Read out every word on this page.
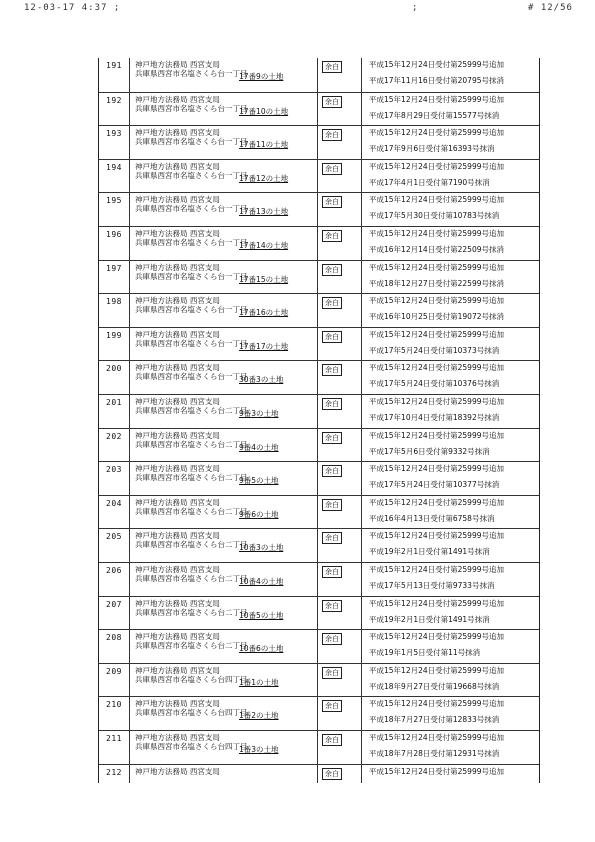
12-03-17 4:37 ;	;	# 12/56
191	神戸地方法務局 西宮支局
兵庫県西宮市名塩さくら台一丁目
17番9の土地
余白	平成15年12月24日受付第25999号追加
平成17年11月16日受付第20795号抹消
192	神戸地方法務局 西宮支局
兵庫県西宮市名塩さくら台一丁目
17番10の土地
余白	平成15年12月24日受付第25999号追加
平成17年8月29日受付第15577号抹消
193	神戸地方法務局 西宮支局
兵庫県西宮市名塩さくら台一丁目
17番11の土地
余白	平成15年12月24日受付第25999号追加
平成17年9月6日受付第16393号抹消
194	神戸地方法務局 西宮支局
兵庫県西宮市名塩さくら台一丁目
17番12の土地
余白	平成15年12月24日受付第25999号追加
平成17年4月1日受付第7190号抹消
195	神戸地方法務局 西宮支局
兵庫県西宮市名塩さくら台一丁目
17番13の土地
余白	平成15年12月24日受付第25999号追加
平成17年5月30日受付第10783号抹消
196	神戸地方法務局 西宮支局
兵庫県西宮市名塩さくら台一丁目
17番14の土地
余白	平成15年12月24日受付第25999号追加
平成16年12月14日受付第22509号抹消
197	神戸地方法務局 西宮支局
兵庫県西宮市名塩さくら台一丁目
17番15の土地
余白	平成15年12月24日受付第25999号追加
平成18年12月27日受付第22599号抹消
198	神戸地方法務局 西宮支局
兵庫県西宮市名塩さくら台一丁目
17番16の土地
余白	平成15年12月24日受付第25999号追加
平成16年10月25日受付第19072号抹消
199	神戸地方法務局 西宮支局
兵庫県西宮市名塩さくら台一丁目
17番17の土地
余白	平成15年12月24日受付第25999号追加
平成17年5月24日受付第10373号抹消
200	神戸地方法務局 西宮支局
兵庫県西宮市名塩さくら台一丁目
30番3の土地
余白	平成15年12月24日受付第25999号追加
平成17年5月24日受付第10376号抹消
201	神戸地方法務局 西宮支局
兵庫県西宮市名塩さくら台二丁目
9番3の土地
余白	平成15年12月24日受付第25999号追加
平成17年10月4日受付第18392号抹消
202	神戸地方法務局 西宮支局
兵庫県西宮市名塩さくら台二丁目
9番4の土地
余白	平成15年12月24日受付第25999号追加
平成17年5月6日受付第9332号抹消
203	神戸地方法務局 西宮支局
兵庫県西宮市名塩さくら台二丁目
9番5の土地
余白	平成15年12月24日受付第25999号追加
平成17年5月24日受付第10377号抹消
204	神戸地方法務局 西宮支局
兵庫県西宮市名塩さくら台二丁目
9番6の土地
余白	平成15年12月24日受付第25999号追加
平成16年4月13日受付第6758号抹消
205	神戸地方法務局 西宮支局
兵庫県西宮市名塩さくら台二丁目
10番3の土地
余白	平成15年12月24日受付第25999号追加
平成19年2月1日受付第1491号抹消
206	神戸地方法務局 西宮支局
兵庫県西宮市名塩さくら台二丁目
10番4の土地
余白	平成15年12月24日受付第25999号追加
平成17年5月13日受付第9733号抹消
207	神戸地方法務局 西宮支局
兵庫県西宮市名塩さくら台二丁目
10番5の土地
余白	平成15年12月24日受付第25999号追加
平成19年2月1日受付第1491号抹消
208	神戸地方法務局 西宮支局
兵庫県西宮市名塩さくら台二丁目
10番6の土地
余白	平成15年12月24日受付第25999号追加
平成19年1月5日受付第11号抹消
209	神戸地方法務局 西宮支局
兵庫県西宮市名塩さくら台四丁目
1番1の土地
余白	平成15年12月24日受付第25999号追加
平成18年9月27日受付第19668号抹消
210	神戸地方法務局 西宮支局
兵庫県西宮市名塩さくら台四丁目
1番2の土地
余白	平成15年12月24日受付第25999号追加
平成18年7月27日受付第12833号抹消
211	神戸地方法務局 西宮支局
兵庫県西宮市名塩さくら台四丁目
1番3の土地
余白	平成15年12月24日受付第25999号追加
平成18年7月28日受付第12931号抹消
212	神戸地方法務局 西宮支局	余白	平成15年12月24日受付第25999号追加
